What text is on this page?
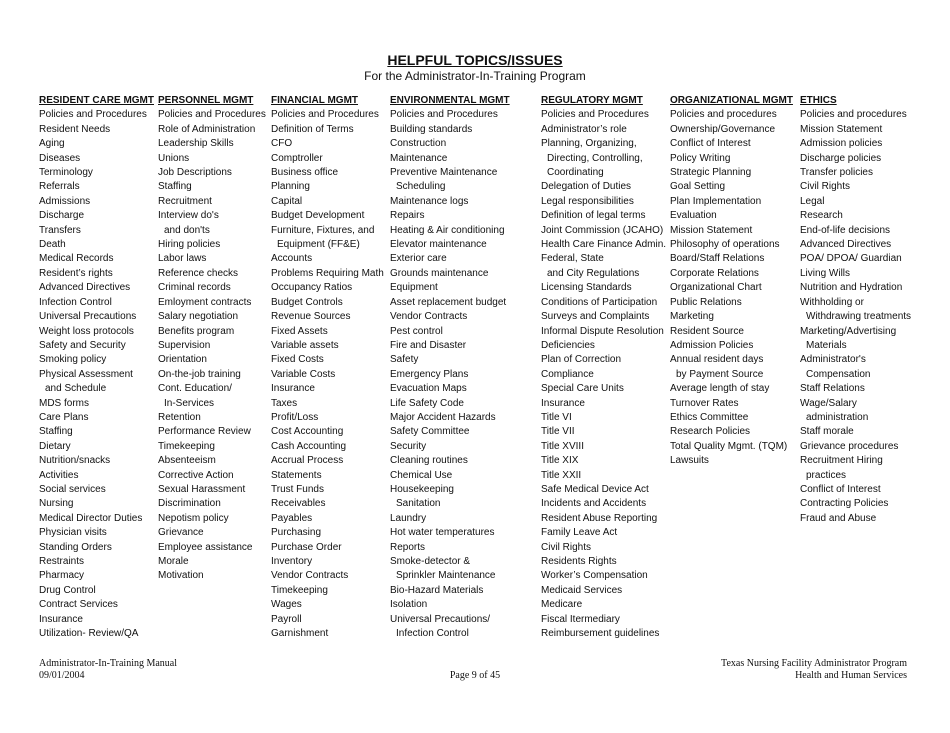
HELPFUL TOPICS/ISSUES
For the Administrator-In-Training Program
RESIDENT CARE MGMT
Policies and Procedures
Resident Needs
Aging
Diseases
Terminology
Referrals
Admissions
Discharge
Transfers
Death
Medical Records
Resident’s rights
Advanced Directives
Infection Control
Universal Precautions
Weight loss protocols
Safety and Security
Smoking policy
Physical Assessment
and Schedule
MDS forms
Care Plans
Staffing
Dietary
Nutrition/snacks
Activities
Social services
Nursing
Medical Director Duties
Physician visits
Standing Orders
Restraints
Pharmacy
Drug Control
Contract Services
Insurance
Utilization- Review/QA
PERSONNEL MGMT
Policies and Procedures
Role of Administration
Leadership Skills
Unions
Job Descriptions
Staffing
Recruitment
Interview do's
and don'ts
Hiring policies
Labor laws
Reference checks
Criminal records
Emloyment contracts
Salary negotiation
Benefits program
Supervision
Orientation
On-the-job training
Cont. Education/
In-Services
Retention
Performance Review
Timekeeping
Absenteeism
Corrective Action
Sexual Harassment
Discrimination
Nepotism policy
Grievance
Employee assistance
Morale
Motivation
FINANCIAL MGMT
Policies and Procedures
Definition of Terms
CFO
Comptroller
Business office
Planning
Capital
Budget Development
Furniture, Fixtures, and
Equipment (FF&E)
Accounts
Problems Requiring Math
Occupancy Ratios
Budget Controls
Revenue Sources
Fixed Assets
Variable assets
Fixed Costs
Variable Costs
Insurance
Taxes
Profit/Loss
Cost Accounting
Cash Accounting
Accrual Process
Statements
Trust Funds
Receivables
Payables
Purchasing
Purchase Order
Inventory
Vendor Contracts
Timekeeping
Wages
Payroll
Garnishment
ENVIRONMENTAL MGMT
Policies and Procedures
Building standards
Construction
Maintenance
Preventive Maintenance
Scheduling
Maintenance logs
Repairs
Heating & Air conditioning
Elevator maintenance
Exterior care
Grounds maintenance
Equipment
Asset replacement budget
Vendor Contracts
Pest control
Fire and Disaster
Safety
Emergency Plans
Evacuation Maps
Life Safety Code
Major Accident Hazards
Safety Committee
Security
Cleaning routines
Chemical Use
Housekeeping
Sanitation
Laundry
Hot water temperatures
Reports
Smoke-detector &
Sprinkler Maintenance
Bio-Hazard Materials
Isolation
Universal Precautions/
Infection Control
REGULATORY MGMT
Policies and Procedures
Administrator’s role
Planning, Organizing,
Directing, Controlling,
Coordinating
Delegation of Duties
Legal responsibilities
Definition of legal terms
Joint Commission (JCAHO)
Health Care Finance Admin.
Federal, State
and City Regulations
Licensing Standards
Conditions of Participation
Surveys and Complaints
Informal Dispute Resolution
Deficiencies
Plan of Correction
Compliance
Special Care Units
Insurance
Title VI
Title VII
Title XVIII
Title XIX
Title XXII
Safe Medical Device Act
Incidents and Accidents
Resident Abuse Reporting
Family Leave Act
Civil Rights
Residents Rights
Worker’s Compensation
Medicaid Services
Medicare
Fiscal Itermediary
Reimbursement guidelines
ORGANIZATIONAL MGMT
Policies and procedures
Ownership/Governance
Conflict of Interest
Policy Writing
Strategic Planning
Goal Setting
Plan Implementation
Evaluation
Mission Statement
Philosophy of operations
Board/Staff Relations
Corporate Relations
Organizational Chart
Public Relations
Marketing
Resident Source
Admission Policies
Annual resident days
by Payment Source
Average length of stay
Turnover Rates
Ethics Committee
Research Policies
Total Quality Mgmt. (TQM)
Lawsuits
ETHICS
Policies and procedures
Mission Statement
Admission policies
Discharge policies
Transfer policies
Civil Rights
Legal
Research
End-of-life decisions
Advanced Directives
POA/ DPOA/ Guardian
Living Wills
Nutrition and Hydration
Withholding or
Withdrawing treatments
Marketing/Advertising
Materials
Administrator's
Compensation
Staff Relations
Wage/Salary
administration
Staff morale
Grievance procedures
Recruitment Hiring
practices
Conflict of Interest
Contracting Policies
Fraud and Abuse
Administrator-In-Training Manual
09/01/2004	Page 9 of 45
Texas Nursing Facility Administrator Program
Health and Human Services
